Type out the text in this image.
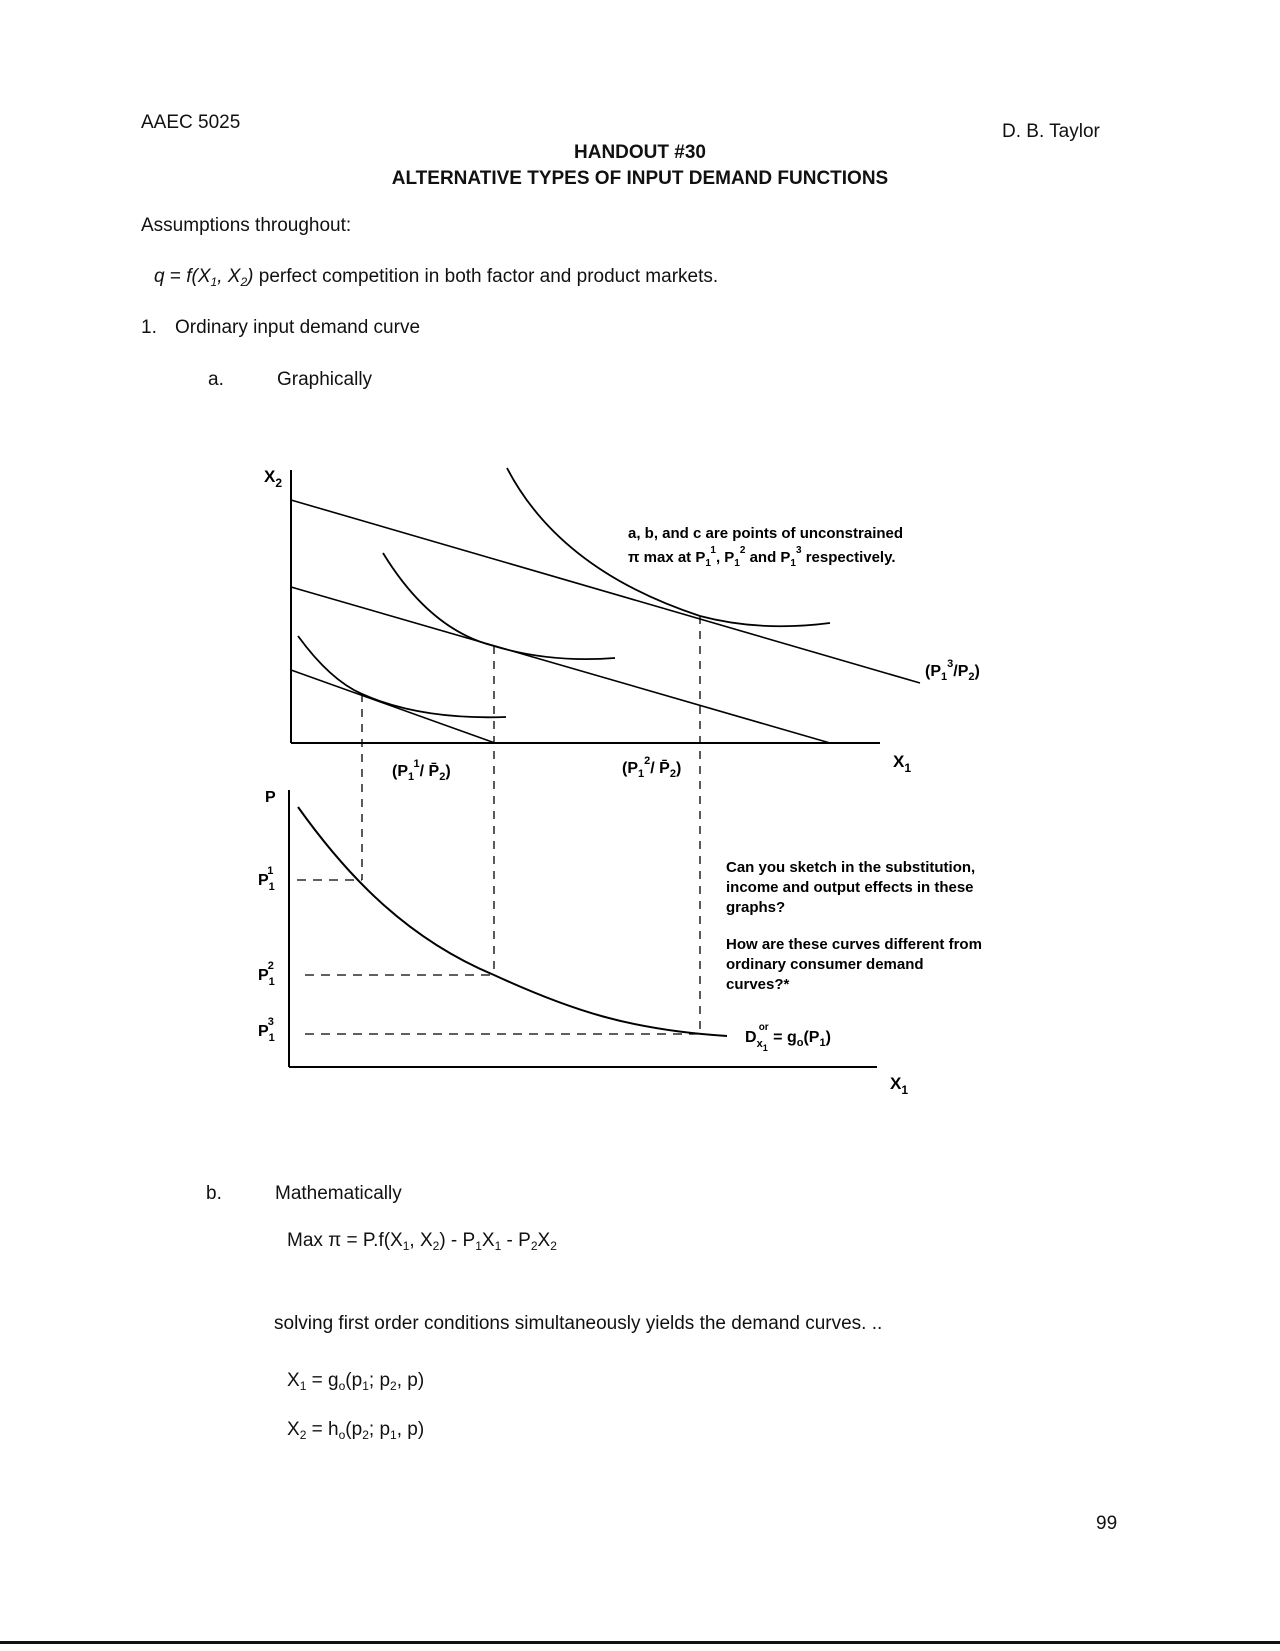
AAEC 5025	D. B. Taylor
HANDOUT #30
ALTERNATIVE TYPES OF INPUT DEMAND FUNCTIONS
Assumptions throughout:
$q = f(X_1$, $X_2$) perfect competition in both factor and product markets.
1. Ordinary input demand curve
a.	Graphically
$X_2$
$X_1$
a, b, and c are points of unconstrained
π max at $P_1^1$, $P_1^2$ and $P_1^3$ respectively.
$(P_1^3/P_2)$
($P_1^1/$ $P̄_2$)	($P_1^2/$ $P̄_2$)
P
$X_1$
$P_11$
$P_12$
$P_13$
$D_{x1}or = g_o(P_1)$
Can you sketch in the substitution,
income and output effects in these
graphs?
How are these curves different from
ordinary consumer demand
curves?*
b.	Mathematically
Max $\pi = P.f(X_1$, $X_2) - P_1X_1 - P_2X_2$
solving first order conditions simultaneously yields the demand curves. ..
$X_1 = g_o(p_1$; $p_2$, p)
$X_2 = h_o(p_2$; $p_1$, p)
99
